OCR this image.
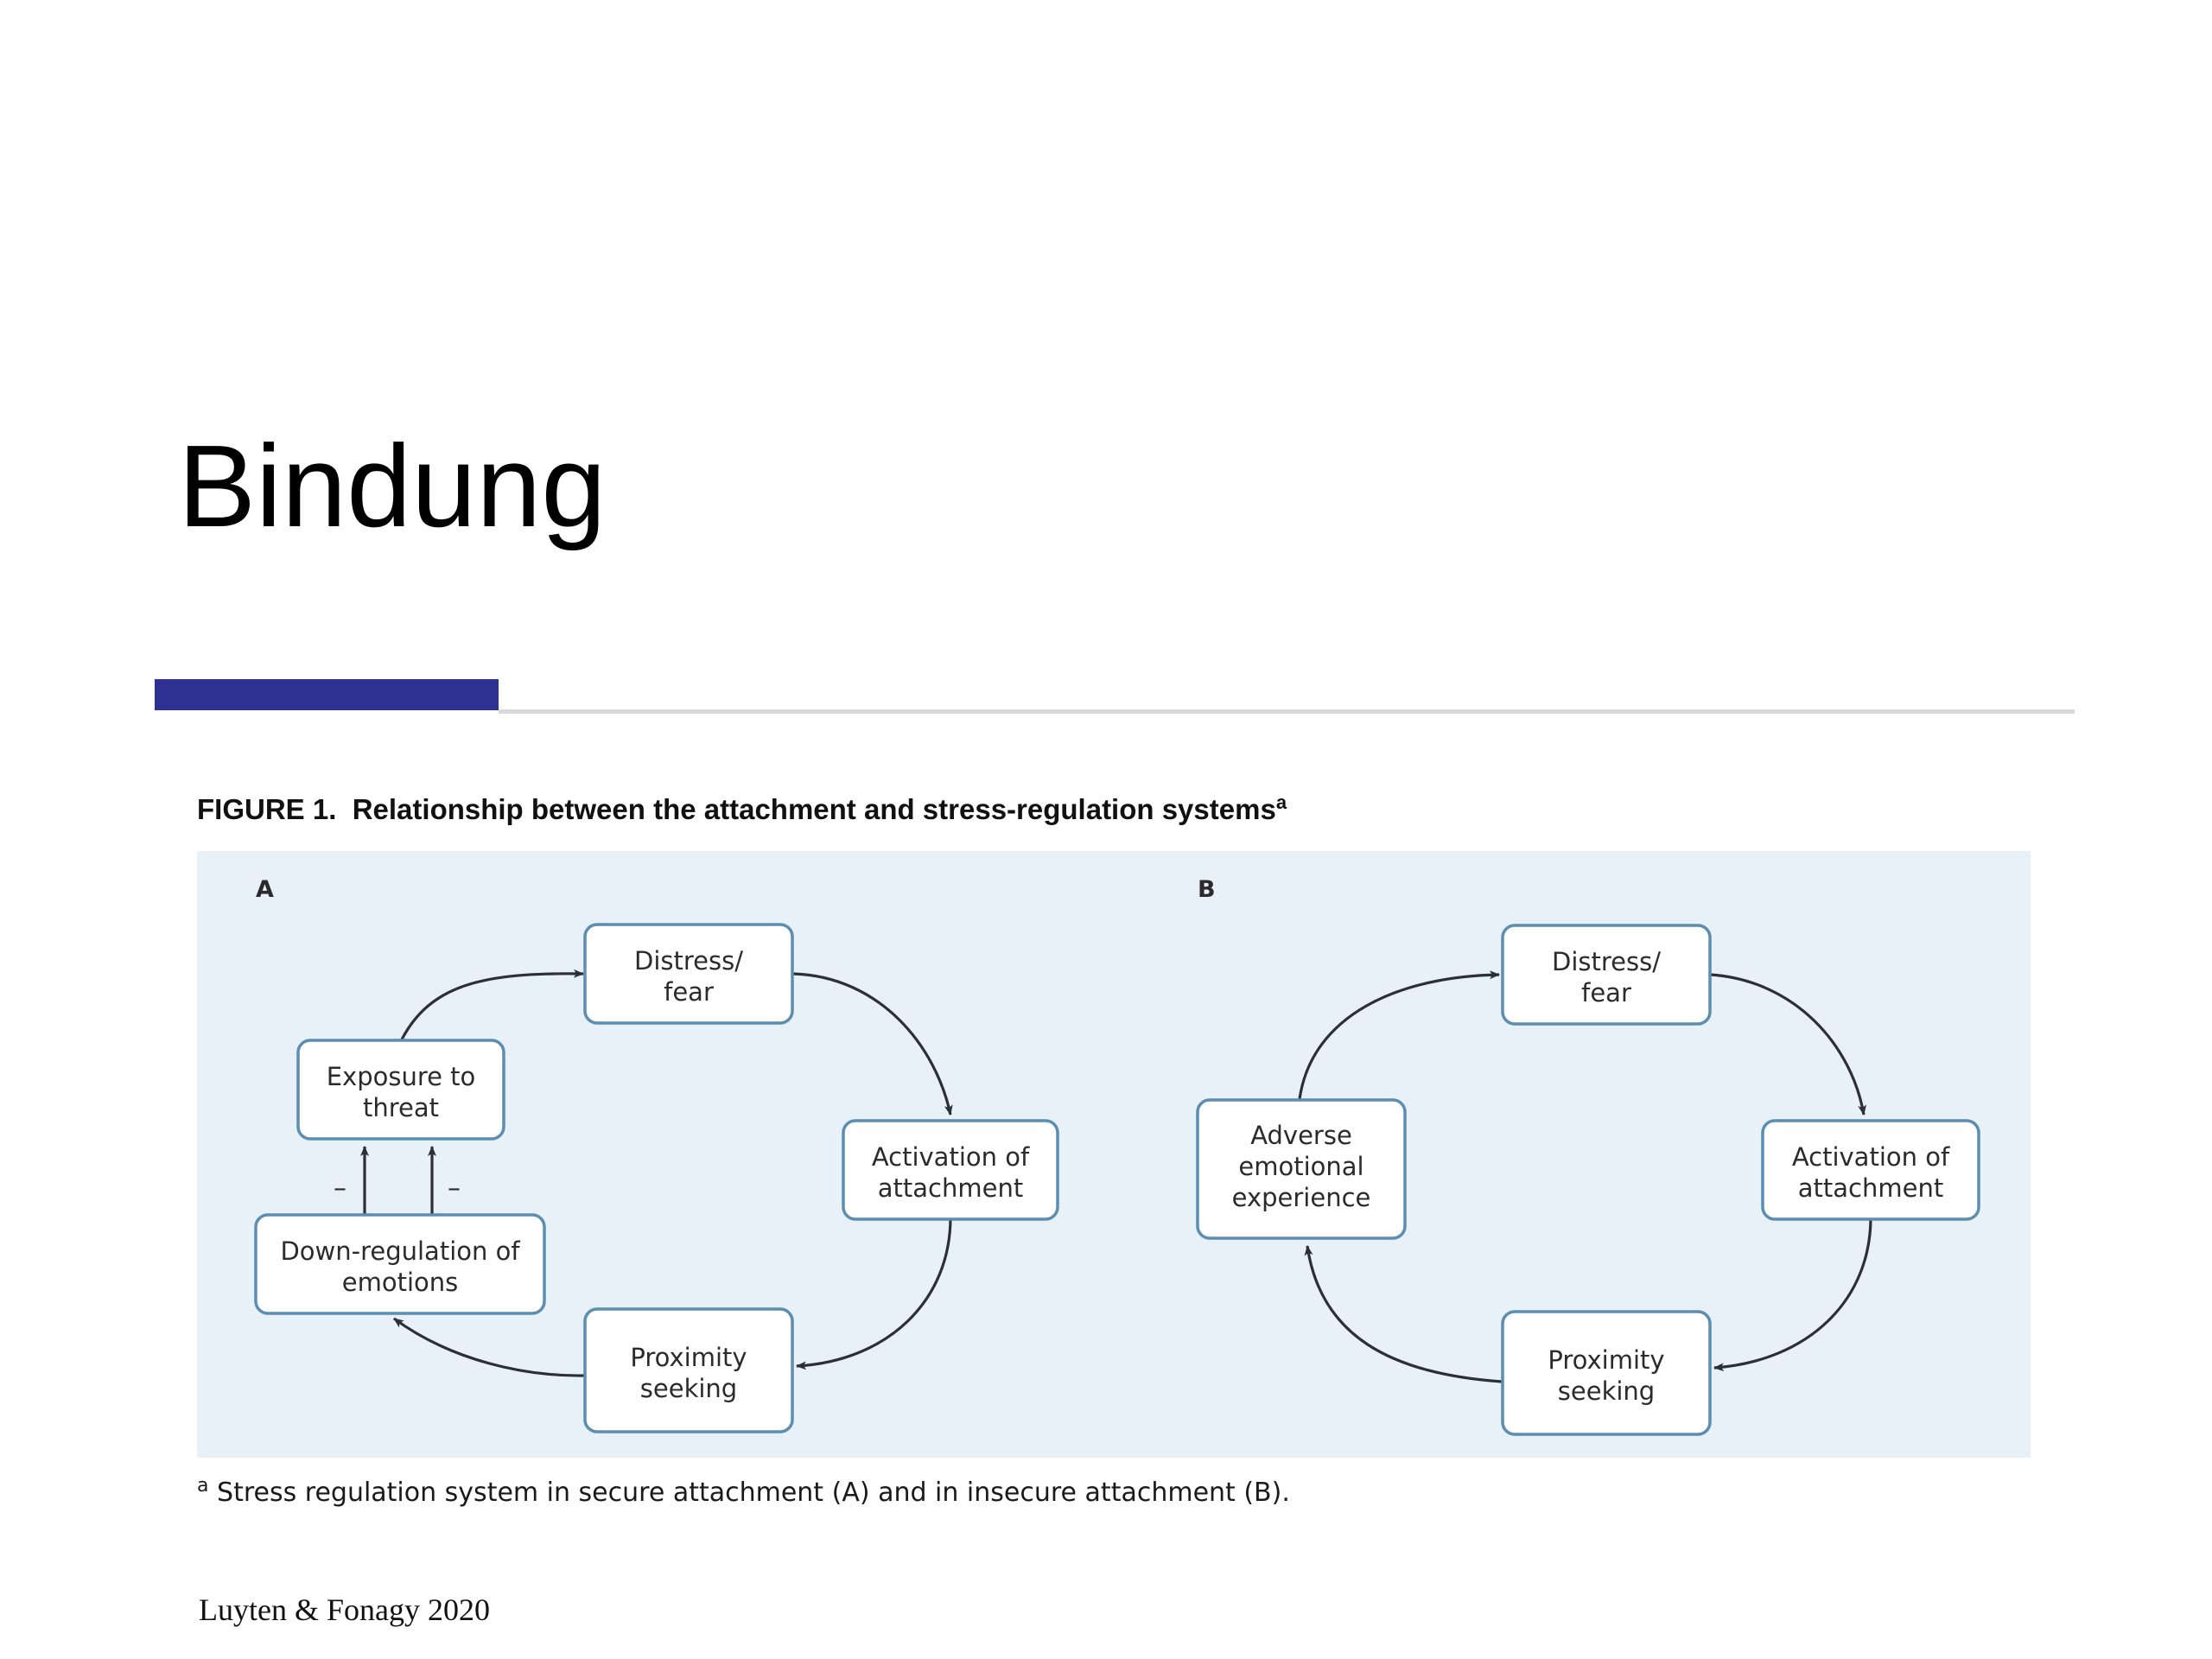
Bindung
FIGURE 1. Relationship between the attachment and stress-regulation systems$^a$
A
–	–
Distress/
fear
Exposure to
threat
Activation of
attachment
Down-regulation of
emotions
Proximity
seeking
B
Distress/
fear
Adverse
emotional
experience
Activation of
attachment
Proximity
seeking
$^a$ Stress regulation system in secure attachment (A) and in insecure attachment (B).
Luyten & Fonagy 2020
